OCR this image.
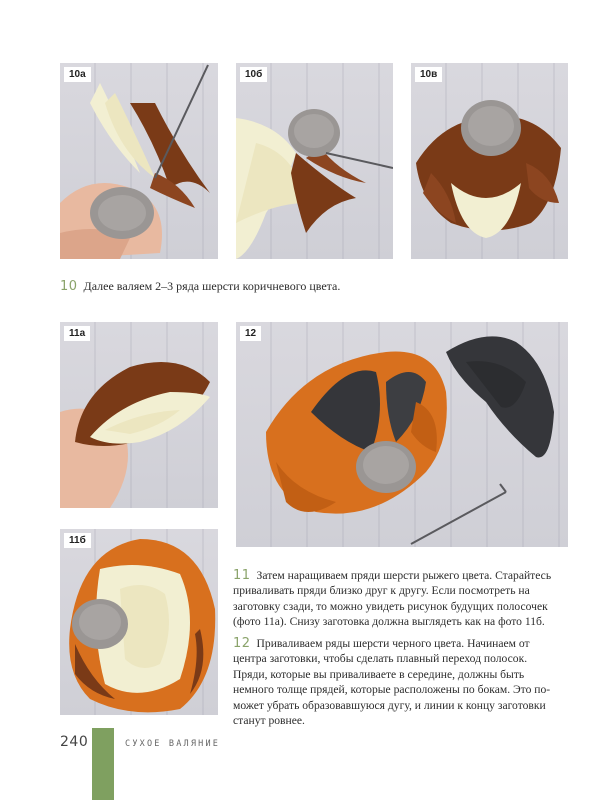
10а	10б	10в
10 Далее валяем 2–3 ряда шерсти коричневого цвета.
11а	12
11б
11 Затем наращиваем пряди шерсти рыжего цвета. Старайтесь
приваливать пряди близко друг к другу. Если посмотреть на
заготовку сзади, то можно увидеть рисунок будущих полосочек
(фото 11а). Снизу заготовка должна выглядеть как на фото 11б.
12 Приваливаем ряды шерсти черного цвета. Начинаем от
центра заготовки, чтобы сделать плавный переход полосок.
Пряди, которые вы приваливаете в середине, должны быть
немного толще прядей, которые расположены по бокам. Это по-
может убрать образовавшуюся дугу, и линии к концу заготовки
станут ровнее.
240	СУХОЕ ВАЛЯНИЕ
